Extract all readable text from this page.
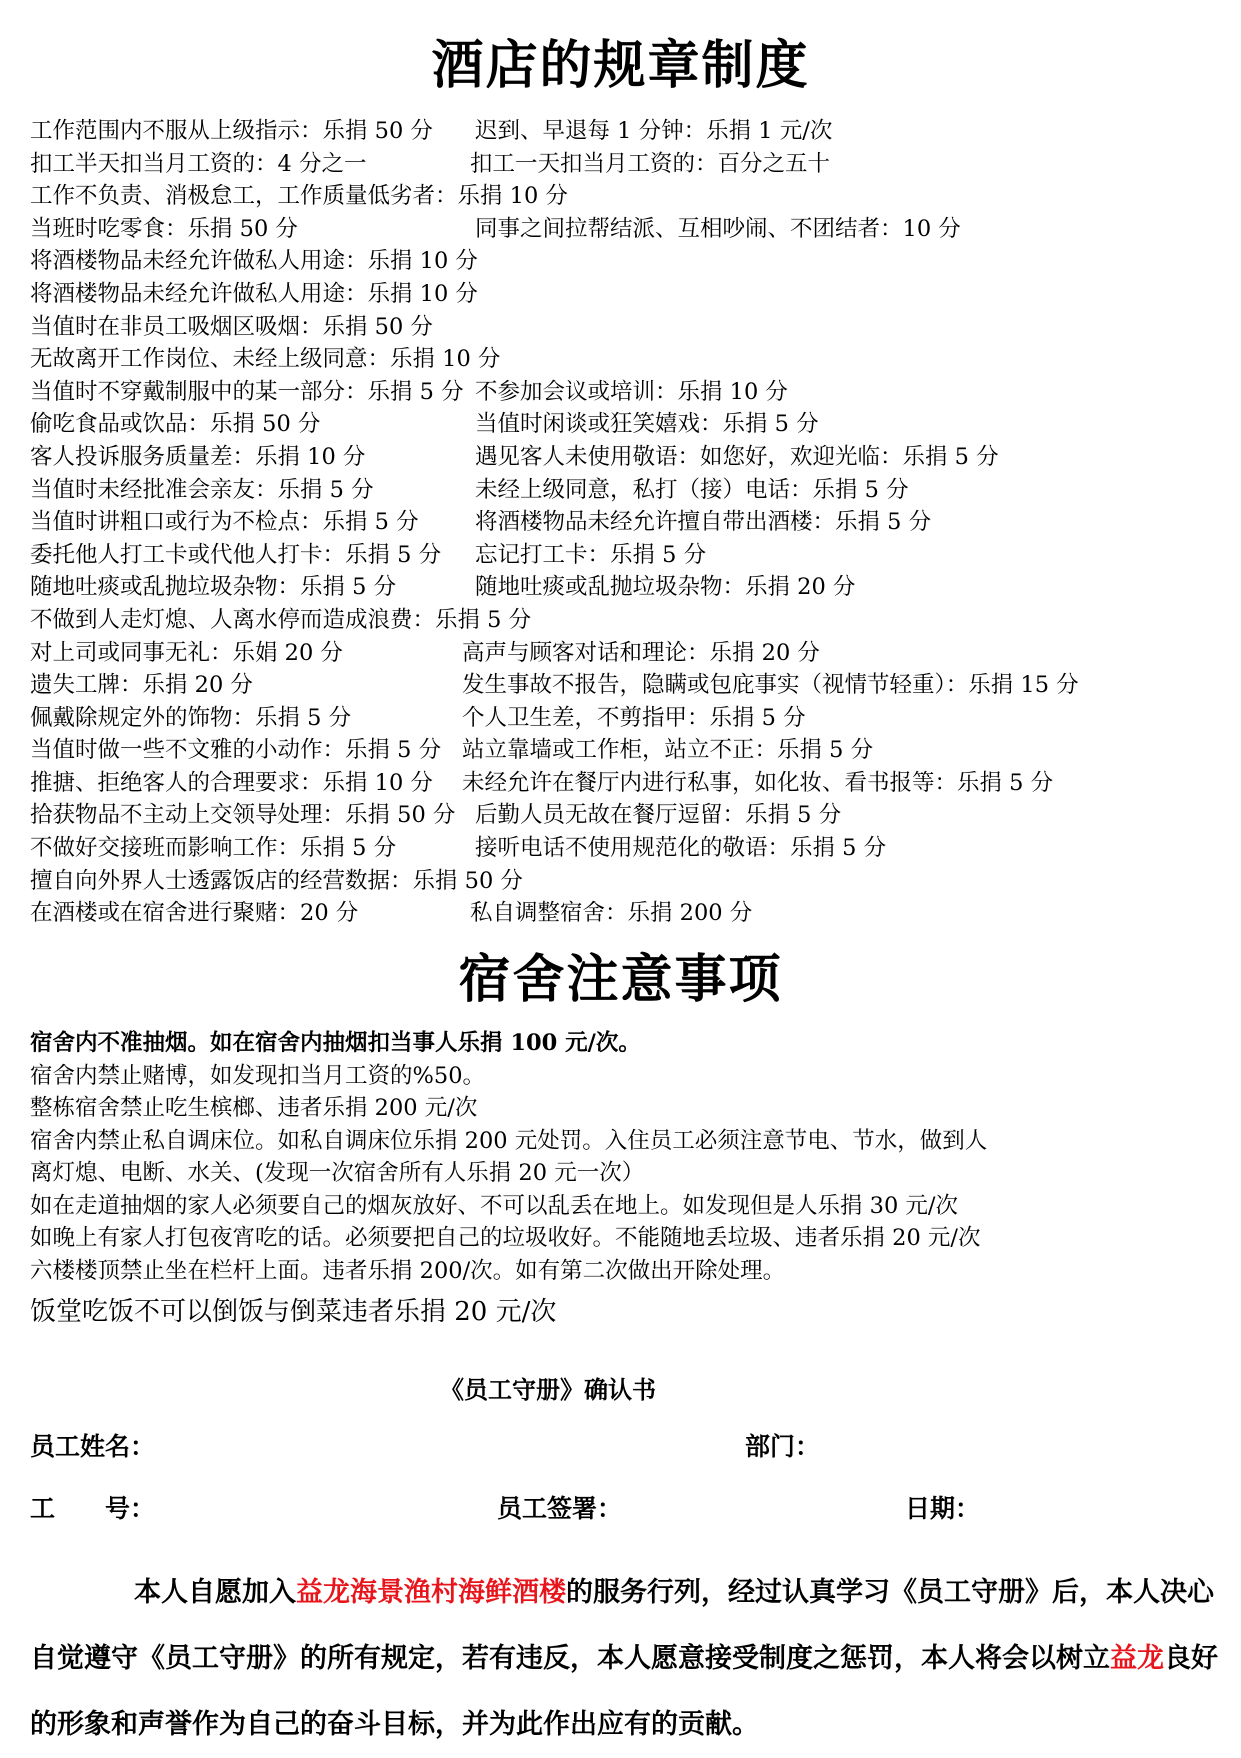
酒店的规章制度
工作范围内不服从上级指示：乐捐 50 分 迟到、早退每 1 分钟：乐捐 1 元/次
扣工半天扣当月工资的：4 分之一	扣工一天扣当月工资的：百分之五十
工作不负责、消极怠工，工作质量低劣者：乐捐 10 分
当班时吃零食：乐捐 50 分	同事之间拉帮结派、互相吵闹、不团结者：10 分
将酒楼物品未经允许做私人用途：乐捐 10 分
将酒楼物品未经允许做私人用途：乐捐 10 分
当值时在非员工吸烟区吸烟：乐捐 50 分
无故离开工作岗位、未经上级同意：乐捐 10 分
当值时不穿戴制服中的某一部分：乐捐 5 分 不参加会议或培训：乐捐 10 分
偷吃食品或饮品：乐捐 50 分	当值时闲谈或狂笑嬉戏：乐捐 5 分
客人投诉服务质量差：乐捐 10 分	遇见客人未使用敬语：如您好，欢迎光临：乐捐 5 分
当值时未经批准会亲友：乐捐 5 分	未经上级同意，私打（接）电话：乐捐 5 分
当值时讲粗口或行为不检点：乐捐 5 分	将酒楼物品未经允许擅自带出酒楼：乐捐 5 分
委托他人打工卡或代他人打卡：乐捐 5 分 忘记打工卡：乐捐 5 分
随地吐痰或乱抛垃圾杂物：乐捐 5 分	随地吐痰或乱抛垃圾杂物：乐捐 20 分
不做到人走灯熄、人离水停而造成浪费：乐捐 5 分
对上司或同事无礼：乐娟 20 分	高声与顾客对话和理论：乐捐 20 分
遗失工牌：乐捐 20 分	发生事故不报告，隐瞒或包庇事实（视情节轻重）：乐捐 15 分
佩戴除规定外的饰物：乐捐 5 分	个人卫生差，不剪指甲：乐捐 5 分
当值时做一些不文雅的小动作：乐捐 5 分 站立靠墙或工作柜，站立不正：乐捐 5 分
推搪、拒绝客人的合理要求：乐捐 10 分 未经允许在餐厅内进行私事，如化妆、看书报等：乐捐 5 分
拾获物品不主动上交领导处理：乐捐 50 分 后勤人员无故在餐厅逗留：乐捐 5 分
不做好交接班而影响工作：乐捐 5 分	接听电话不使用规范化的敬语：乐捐 5 分
擅自向外界人士透露饭店的经营数据：乐捐 50 分
在酒楼或在宿舍进行聚赌：20 分	私自调整宿舍：乐捐 200 分
宿舍注意事项
宿舍内不准抽烟。如在宿舍内抽烟扣当事人乐捐 100 元/次。
宿舍内禁止赌博，如发现扣当月工资的%50。
整栋宿舍禁止吃生槟榔、违者乐捐 200 元/次
宿舍内禁止私自调床位。如私自调床位乐捐 200 元处罚。入住员工必须注意节电、节水，做到人
离灯熄、电断、水关、(发现一次宿舍所有人乐捐 20 元一次）
如在走道抽烟的家人必须要自己的烟灰放好、不可以乱丢在地上。如发现但是人乐捐 30 元/次
如晚上有家人打包夜宵吃的话。必须要把自己的垃圾收好。不能随地丢垃圾、违者乐捐 20 元/次
六楼楼顶禁止坐在栏杆上面。违者乐捐 200/次。如有第二次做出开除处理。
饭堂吃饭不可以倒饭与倒菜违者乐捐 20 元/次
《员工守册》确认书
员工姓名：	部门：
工　　号：	员工签署：	日期：
本人自愿加入益龙海景渔村海鲜酒楼的服务行列，经过认真学习《员工守册》后，本人决心自觉遵守《员工守册》的所有规定，若有违反，本人愿意接受制度之惩罚，本人将会以树立益龙良好的形象和声誉作为自己的奋斗目标，并为此作出应有的贡献。
